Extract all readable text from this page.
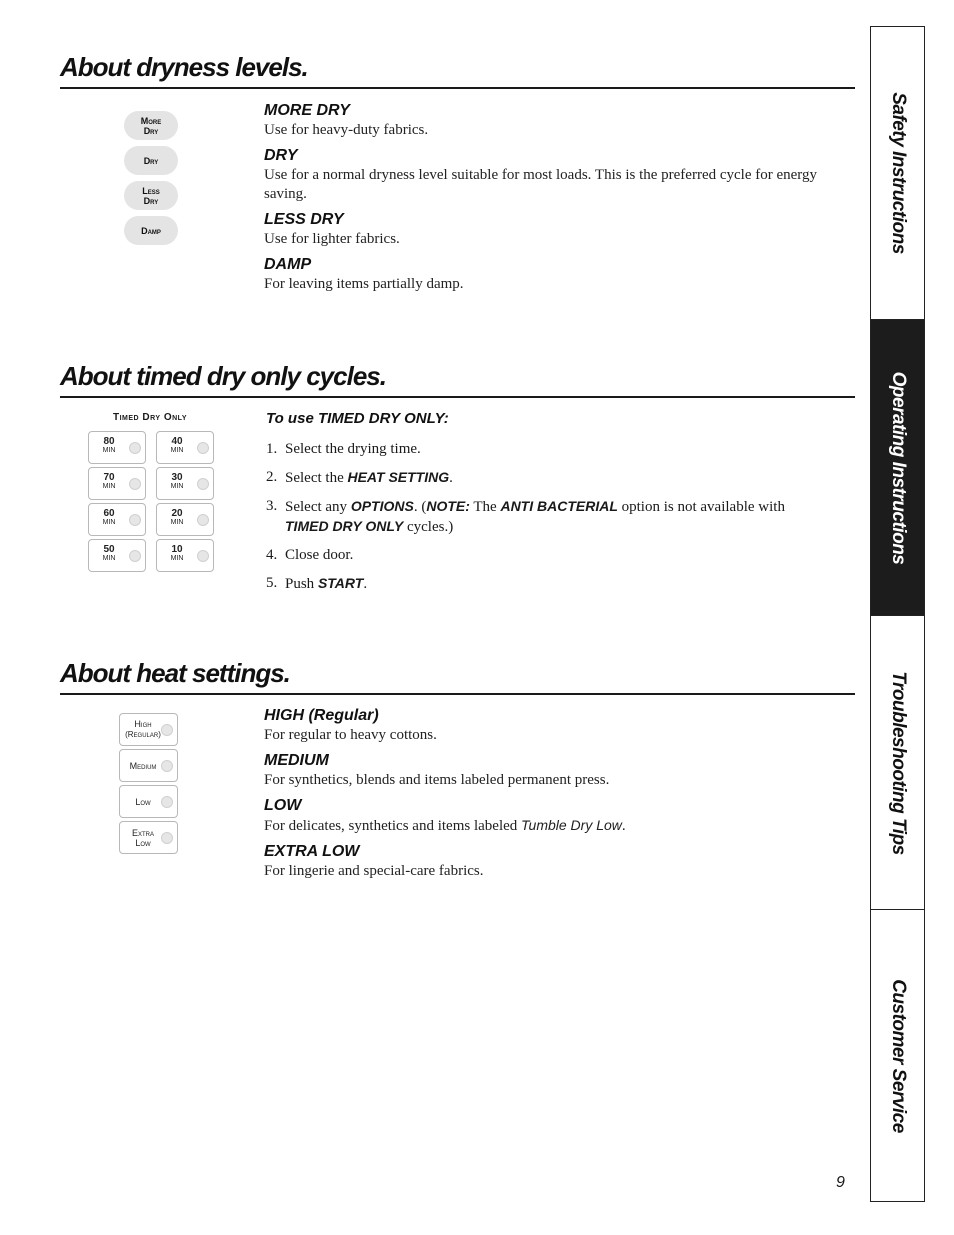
About dryness levels.
More
Dry
Dry
Less
Dry
Damp

MORE DRY

Use for heavy-duty fabrics.

DRY

Use for a normal dryness level suitable for most loads. This is the preferred cycle for energy saving.

LESS DRY

Use for lighter fabrics.

DAMP

For leaving items partially damp.

About timed dry only cycles.
Timed Dry Only
80
MIN
40
MIN
70
MIN
30
MIN
60
MIN
20
MIN
50
MIN
10
MIN

To use TIMED DRY ONLY:

1. Select the drying time.
2. Select the HEAT SETTING.
3. Select any OPTIONS. (NOTE: The ANTI BACTERIAL option is not available with TIMED DRY ONLY cycles.)
4. Close door.
5. Push START.
About heat settings.
High
(Regular)
Medium
Low
Extra
Low

HIGH (Regular)

For regular to heavy cottons.

MEDIUM

For synthetics, blends and items labeled permanent press.

LOW

For delicates, synthetics and items labeled Tumble Dry Low.

EXTRA LOW

For lingerie and special-care fabrics.

Safety Instructions
Operating Instructions
Troubleshooting Tips
Customer Service
9
